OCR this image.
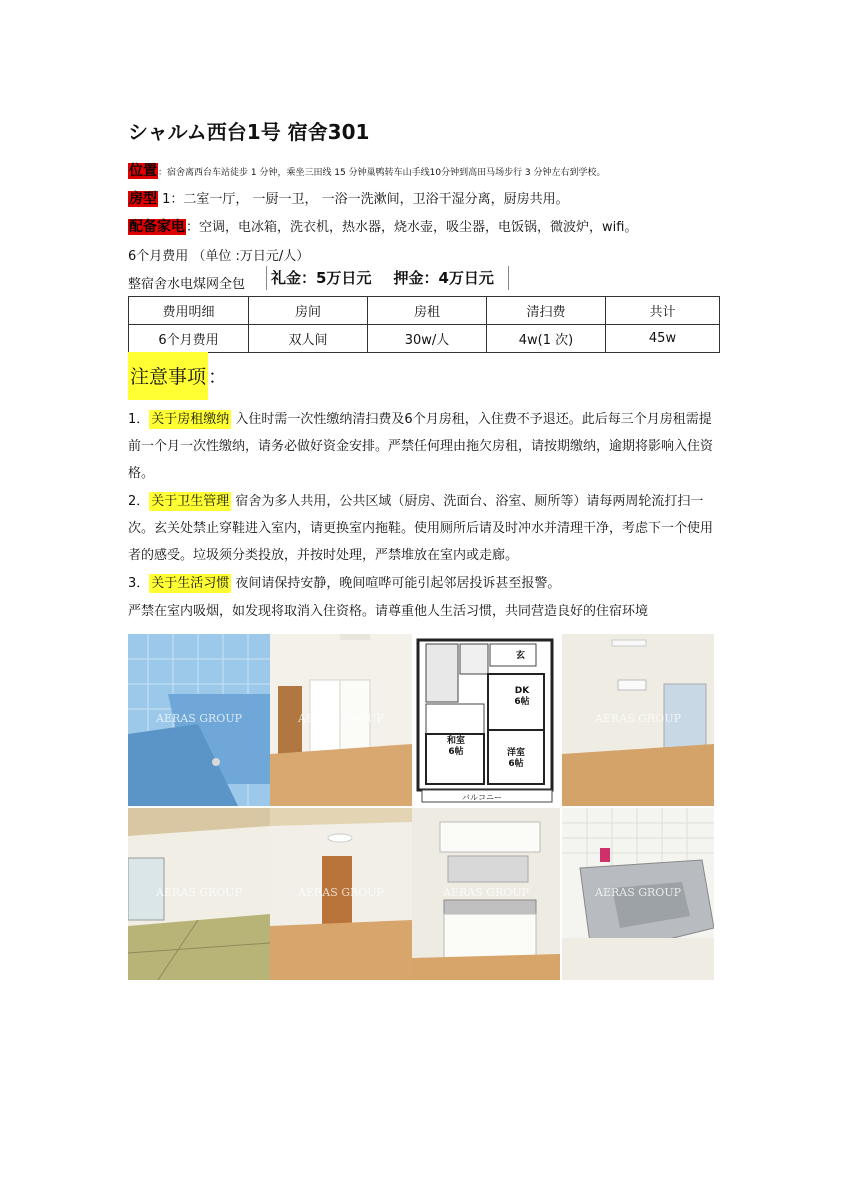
シャルム西台1号 宿舍301
位置：宿舍离西台车站徒步 1 分钟，乘坐三田线 15 分钟巢鸭转车山手线10分钟到高田马场步行 3 分钟左右到学校。
房型 1：二室一厅， 一厨一卫， 一浴一洗漱间，卫浴干湿分离，厨房共用。
配备家电：空调，电冰箱，洗衣机，热水器，烧水壶，吸尘器，电饭锅，微波炉，wifi。
6个月费用 （单位 :万日元/人）
整宿舍水电煤网全包	礼金：5万日元 押金：4万日元
费用明细	房间	房租	清扫费	共计
6个月费用	双人间	30w/人	4w(1 次)	45w
注意事项 ：
1． 关于房租缴纳 入住时需一次性缴纳清扫费及6个月房租，入住费不予退还。此后每三个月房租需提前一个月一次性缴纳，请务必做好资金安排。严禁任何理由拖欠房租，请按期缴纳，逾期将影响入住资格。
2． 关于卫生管理 宿舍为多人共用，公共区域（厨房、洗面台、浴室、厕所等）请每两周轮流打扫一次。玄关处禁止穿鞋进入室内，请更换室内拖鞋。使用厕所后请及时冲水并清理干净，考虑下一个使用者的感受。垃圾须分类投放，并按时处理，严禁堆放在室内或走廊。
3． 关于生活习惯 夜间请保持安静，晚间喧哗可能引起邻居投诉甚至报警。
严禁在室内吸烟，如发现将取消入住资格。请尊重他人生活习惯，共同营造良好的住宿环境
AERAS GROUP	AERAS GROUP
玄
DK
6帖
和室
6帖	洋室
6帖
バルコニー
AERAS GROUP
AERAS GROUP	AERAS GROUP	AERAS GROUP	AERAS GROUP
